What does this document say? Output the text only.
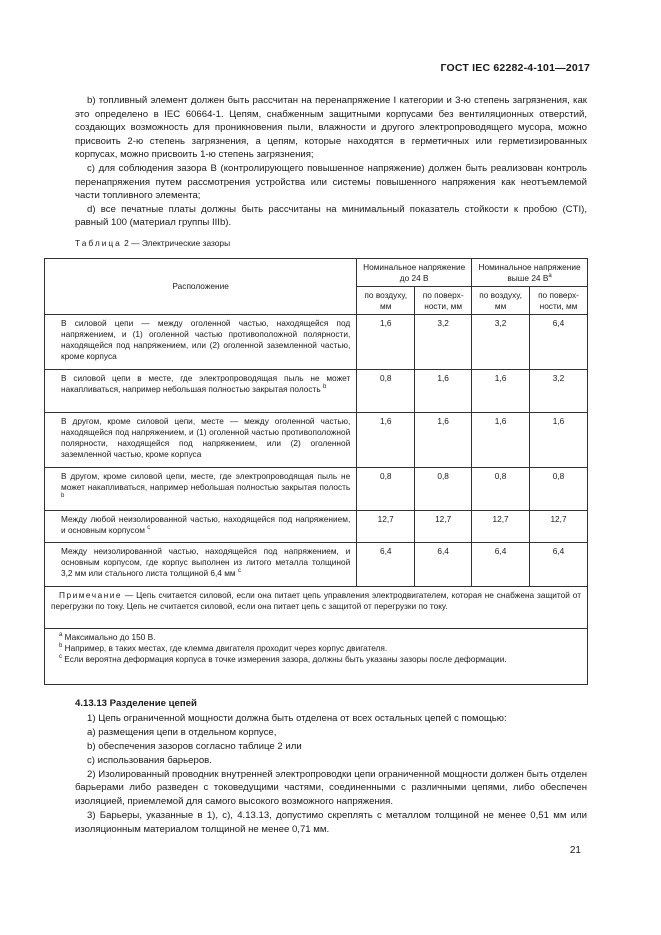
ГОСТ IEC 62282-4-101—2017

b) топливный элемент должен быть рассчитан на перенапряжение I категории и 3-ю степень загрязнения, как это определено в IEC 60664-1. Цепям, снабженным защитными корпусами без вентиляционных отверстий, создающих возможность для проникновения пыли, влажности и другого электропроводящего мусора, можно присвоить 2-ю степень загрязнения, а цепям, которые находятся в герметичных или герметизированных корпусах, можно присвоить 1-ю степень загрязнения;

c) для соблюдения зазора B (контролирующего повышенное напряжение) должен быть реализован контроль перенапряжения путем рассмотрения устройства или системы повышенного напряжения как неотъемлемой части топливного элемента;

d) все печатные платы должны быть рассчитаны на минимальный показатель стойкости к пробою (CTI), равный 100 (материал группы IIIb).

Таблица 2 — Электрические зазоры
Расположение	Номинальное напряжение до 24 В		Номинальное напряжение выше 24 $В^a$
	по воздуху, мм	по поверх-ности, мм	по воздуху, мм	по поверх-ности, мм
В силовой цепи — между оголенной частью, находящейся под напряжением, и (1) оголенной частью противоположной полярности, находящейся под напряжением, или (2) оголенной заземленной частью, кроме корпуса	1,6	3,2	3,2	6,4
В силовой цепи в месте, где электропроводящая пыль не может накапливаться, например небольшая полностью закрытая полость $^b$	0,8	1,6	1,6	3,2
В другом, кроме силовой цепи, месте — между оголенной частью, находящейся под напряжением, и (1) оголенной частью противоположной полярности, находящейся под напряжением, или (2) оголенной заземленной частью, кроме корпуса	1,6	1,6	1,6	1,6
В другом, кроме силовой цепи, месте, где электропроводящая пыль не может накапливаться, например небольшая полностью закрытая полость $^b$	0,8	0,8	0,8	0,8
Между любой неизолированной частью, находящейся под напряжением, и основным корпусом $^c$	12,7	12,7	12,7	12,7
Между неизолированной частью, находящейся под напряжением, и основным корпусом, где корпус выполнен из литого металла толщиной 3,2 мм или стального листа толщиной 6,4 мм $^c$	6,4	6,4	6,4	6,4
Примечание — Цепь считается силовой, если она питает цепь управления электродвигателем, которая не снабжена защитой от перегрузки по току. Цепь не считается силовой, если она питает цепь с защитой от перегрузки по току.				

$^a$ Максимально до 150 В.
$^b$ Например, в таких местах, где клемма двигателя проходит через корпус двигателя.
$^c$ Если вероятна деформация корпуса в точке измерения зазора, должны быть указаны зазоры после деформации.				

4.13.13 Разделение цепей

1) Цепь ограниченной мощности должна быть отделена от всех остальных цепей с помощью:

a) размещения цепи в отдельном корпусе,

b) обеспечения зазоров согласно таблице 2 или

c) использования барьеров.

2) Изолированный проводник внутренней электропроводки цепи ограниченной мощности должен быть отделен барьерами либо разведен с токоведущими частями, соединенными с различными цепями, либо обеспечен изоляцией, приемлемой для самого высокого возможного напряжения.

3) Барьеры, указанные в 1), с), 4.13.13, допустимо скреплять с металлом толщиной не менее 0,51 мм или изоляционным материалом толщиной не менее 0,71 мм.

21
